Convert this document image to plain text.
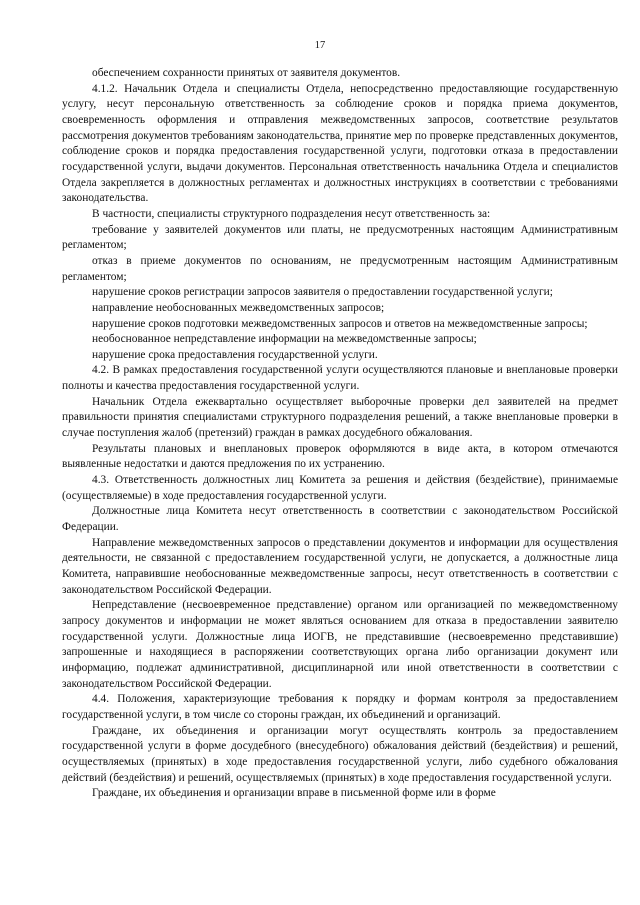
17

обеспечением сохранности принятых от заявителя документов.

4.1.2. Начальник Отдела и специалисты Отдела, непосредственно предоставляющие государственную услугу, несут персональную ответственность за соблюдение сроков и порядка приема документов, своевременность оформления и отправления межведомственных запросов, соответствие результатов рассмотрения документов требованиям законодательства, принятие мер по проверке представленных документов, соблюдение сроков и порядка предоставления государственной услуги, подготовки отказа в предоставлении государственной услуги, выдачи документов. Персональная ответственность начальника Отдела и специалистов Отдела закрепляется в должностных регламентах и должностных инструкциях в соответствии с требованиями законодательства.

В частности, специалисты структурного подразделения несут ответственность за:

требование у заявителей документов или платы, не предусмотренных настоящим Административным регламентом;

отказ в приеме документов по основаниям, не предусмотренным настоящим Административным регламентом;

нарушение сроков регистрации запросов заявителя о предоставлении государственной услуги;

направление необоснованных межведомственных запросов;

нарушение сроков подготовки межведомственных запросов и ответов на межведомственные запросы;

необоснованное непредставление информации на межведомственные запросы;

нарушение срока предоставления государственной услуги.

4.2. В рамках предоставления государственной услуги осуществляются плановые и внеплановые проверки полноты и качества предоставления государственной услуги.

Начальник Отдела ежеквартально осуществляет выборочные проверки дел заявителей на предмет правильности принятия специалистами структурного подразделения решений, а также внеплановые проверки в случае поступления жалоб (претензий) граждан в рамках досудебного обжалования.

Результаты плановых и внеплановых проверок оформляются в виде акта, в котором отмечаются выявленные недостатки и даются предложения по их устранению.

4.3. Ответственность должностных лиц Комитета за решения и действия (бездействие), принимаемые (осуществляемые) в ходе предоставления государственной услуги.

Должностные лица Комитета несут ответственность в соответствии с законодательством Российской Федерации.

Направление межведомственных запросов о представлении документов и информации для осуществления деятельности, не связанной с предоставлением государственной услуги, не допускается, а должностные лица Комитета, направившие необоснованные межведомственные запросы, несут ответственность в соответствии с законодательством Российской Федерации.

Непредставление (несвоевременное представление) органом или организацией по межведомственному запросу документов и информации не может являться основанием для отказа в предоставлении заявителю государственной услуги. Должностные лица ИОГВ, не представившие (несвоевременно представившие) запрошенные и находящиеся в распоряжении соответствующих органа либо организации документ или информацию, подлежат административной, дисциплинарной или иной ответственности в соответствии с законодательством Российской Федерации.

4.4. Положения, характеризующие требования к порядку и формам контроля за предоставлением государственной услуги, в том числе со стороны граждан, их объединений и организаций.

Граждане, их объединения и организации могут осуществлять контроль за предоставлением государственной услуги в форме досудебного (внесудебного) обжалования действий (бездействия) и решений, осуществляемых (принятых) в ходе предоставления государственной услуги, либо судебного обжалования действий (бездействия) и решений, осуществляемых (принятых) в ходе предоставления государственной услуги.

Граждане, их объединения и организации вправе в письменной форме или в форме
